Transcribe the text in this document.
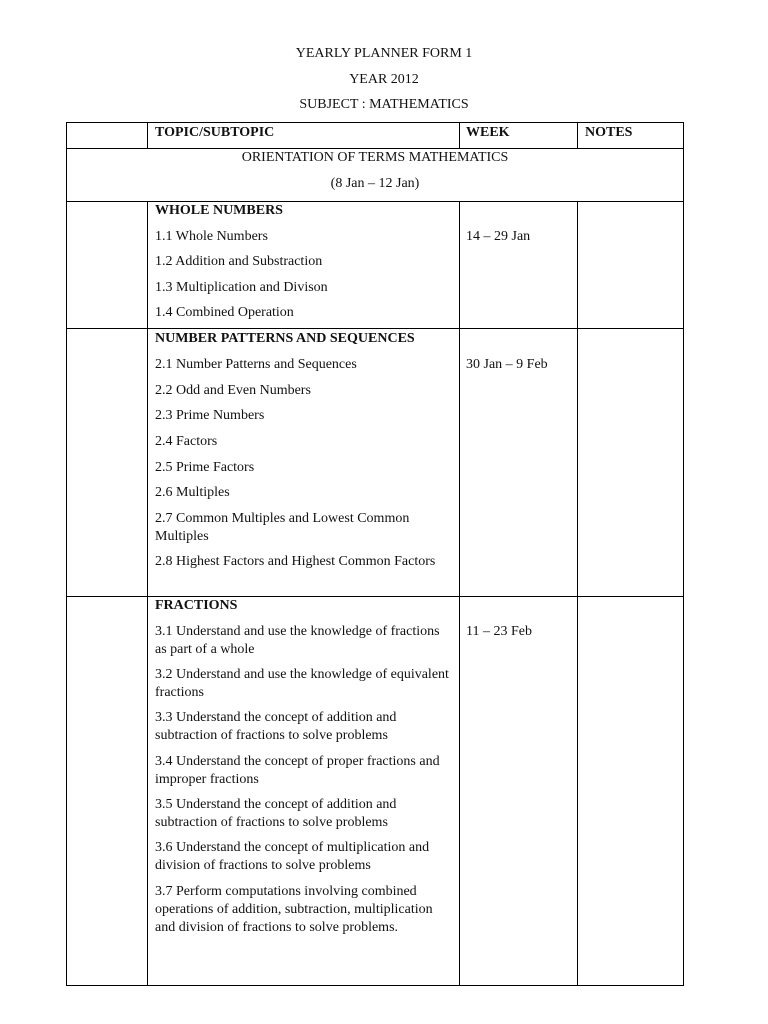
YEARLY PLANNER FORM 1
YEAR 2012
SUBJECT : MATHEMATICS
TOPIC/SUBTOPIC	WEEK	NOTES
ORIENTATION OF TERMS MATHEMATICS
(8 Jan – 12 Jan)
WHOLE NUMBERS
14 – 29 Jan
1.1 Whole Numbers
1.2 Addition and Substraction
1.3 Multiplication and Divison
1.4 Combined Operation
NUMBER PATTERNS AND SEQUENCES
30 Jan – 9 Feb
2.1 Number Patterns and Sequences
2.2 Odd and Even Numbers
2.3 Prime Numbers
2.4 Factors
2.5 Prime Factors
2.6 Multiples
2.7 Common Multiples and Lowest Common Multiples
2.8 Highest Factors and Highest Common Factors
FRACTIONS
11 – 23 Feb
3.1 Understand and use the knowledge of fractions as part of a whole
3.2 Understand and use the knowledge of equivalent fractions
3.3 Understand the concept of addition and subtraction of fractions to solve problems
3.4 Understand the concept of proper fractions and improper fractions
3.5 Understand the concept of addition and subtraction of fractions to solve problems
3.6 Understand the concept of multiplication and division of fractions to solve problems
3.7 Perform computations involving combined operations of addition, subtraction, multiplication and division of fractions to solve problems.
